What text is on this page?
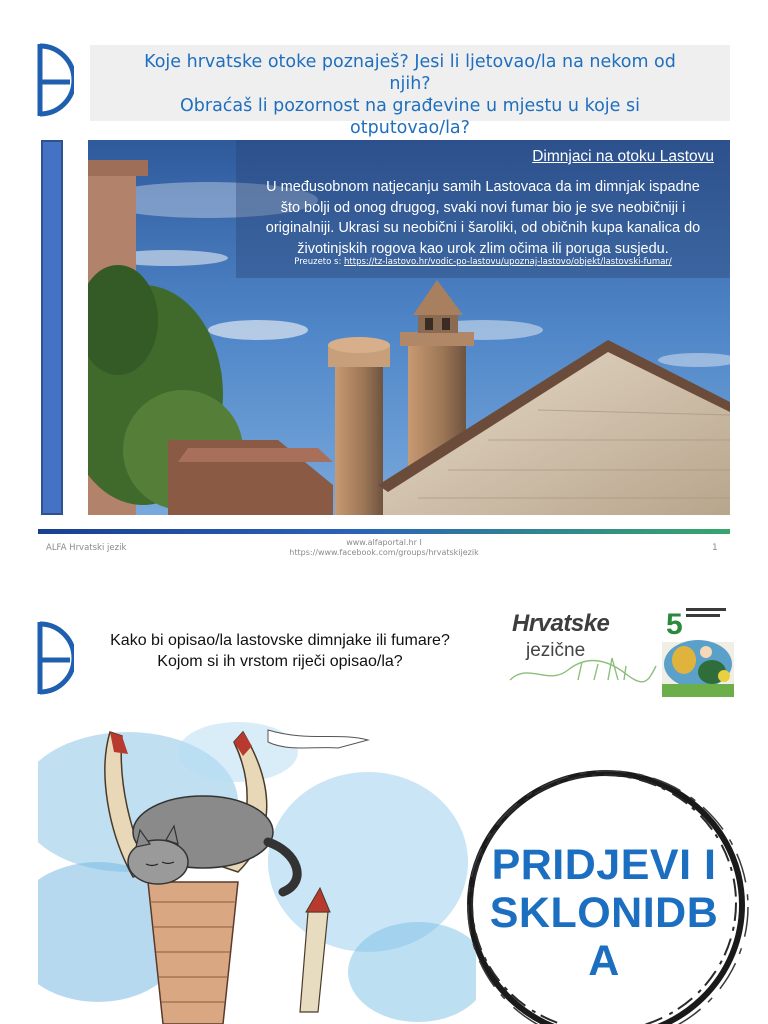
Koje hrvatske otoke poznaješ? Jesi li ljetovao/la na nekom od

njih?

Obraćaš li pozornost na građevine u mjestu u koje si

otputovao/la?

Dimnjaci na otoku Lastovu
U međusobnom natjecanju samih Lastovaca da im dimnjak ispadne
što bolji od onog drugog, svaki novi fumar bio je sve neobičniji i
originalniji. Ukrasi su neobični i šaroliki, od običnih kupa kanalica do
životinjskih rogova kao urok zlim očima ili poruga susjedu.
Preuzeto s: https://tz-lastovo.hr/vodic-po-lastovu/upoznaj-lastovo/objekt/lastovski-fumar/
ALFA Hrvatski jezik
www.alfaportal.hr I
https://www.facebook.com/groups/hrvatskijezik	1
Kako bi opisao/la lastovske dimnjake ili fumare?
Kojom si ih vrstom riječi opisao/la?
Hrvatske
jezične
5
PRIDJEVI I
SKLONIDB
A
